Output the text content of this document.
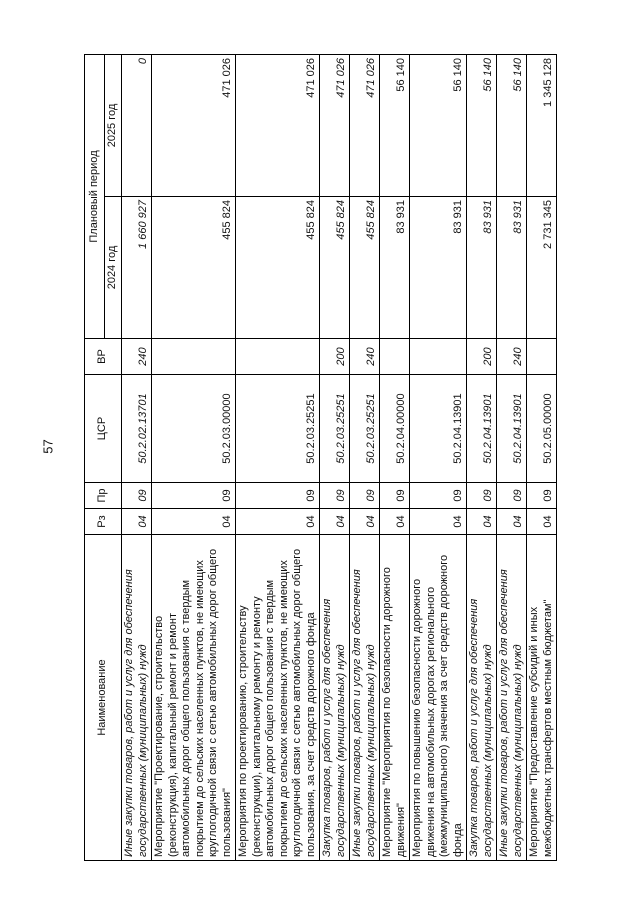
57
Наименование	Рз	Пр	ЦСР	ВР	Плановый период	
					2024 год	2025 год
Иные закупки товаров, работ и услуг для обеспечения государственных (муниципальных) нужд	04	09	50.2.02.13701	240	1 660 927	0
Мероприятие "Проектирование, строительство (реконструкция), капитальный ремонт и ремонт автомобильных дорог общего пользования с твердым покрытием до сельских населенных пунктов, не имеющих круглогодичной связи с сетью автомобильных дорог общего пользования"	04	09	50.2.03.00000		455 824	471 026
Мероприятия по проектированию, строительству (реконструкции), капитальному ремонту и ремонту автомобильных дорог общего пользования с твердым покрытием до сельских населенных пунктов, не имеющих круглогодичной связи с сетью автомобильных дорог общего пользования, за счет средств дорожного фонда	04	09	50.2.03.25251		455 824	471 026
Закупка товаров, работ и услуг для обеспечения государственных (муниципальных) нужд	04	09	50.2.03.25251	200	455 824	471 026
Иные закупки товаров, работ и услуг для обеспечения государственных (муниципальных) нужд	04	09	50.2.03.25251	240	455 824	471 026
Мероприятие "Мероприятия по безопасности дорожного движения"	04	09	50.2.04.00000		83 931	56 140
Мероприятия по повышению безопасности дорожного движения на автомобильных дорогах регионального (межмуниципального) значения за счет средств дорожного фонда	04	09	50.2.04.13901		83 931	56 140
Закупка товаров, работ и услуг для обеспечения государственных (муниципальных) нужд	04	09	50.2.04.13901	200	83 931	56 140
Иные закупки товаров, работ и услуг для обеспечения государственных (муниципальных) нужд	04	09	50.2.04.13901	240	83 931	56 140
Мероприятие "Предоставление субсидий и иных межбюджетных трансфертов местным бюджетам"	04	09	50.2.05.00000		2 731 345	1 345 128
